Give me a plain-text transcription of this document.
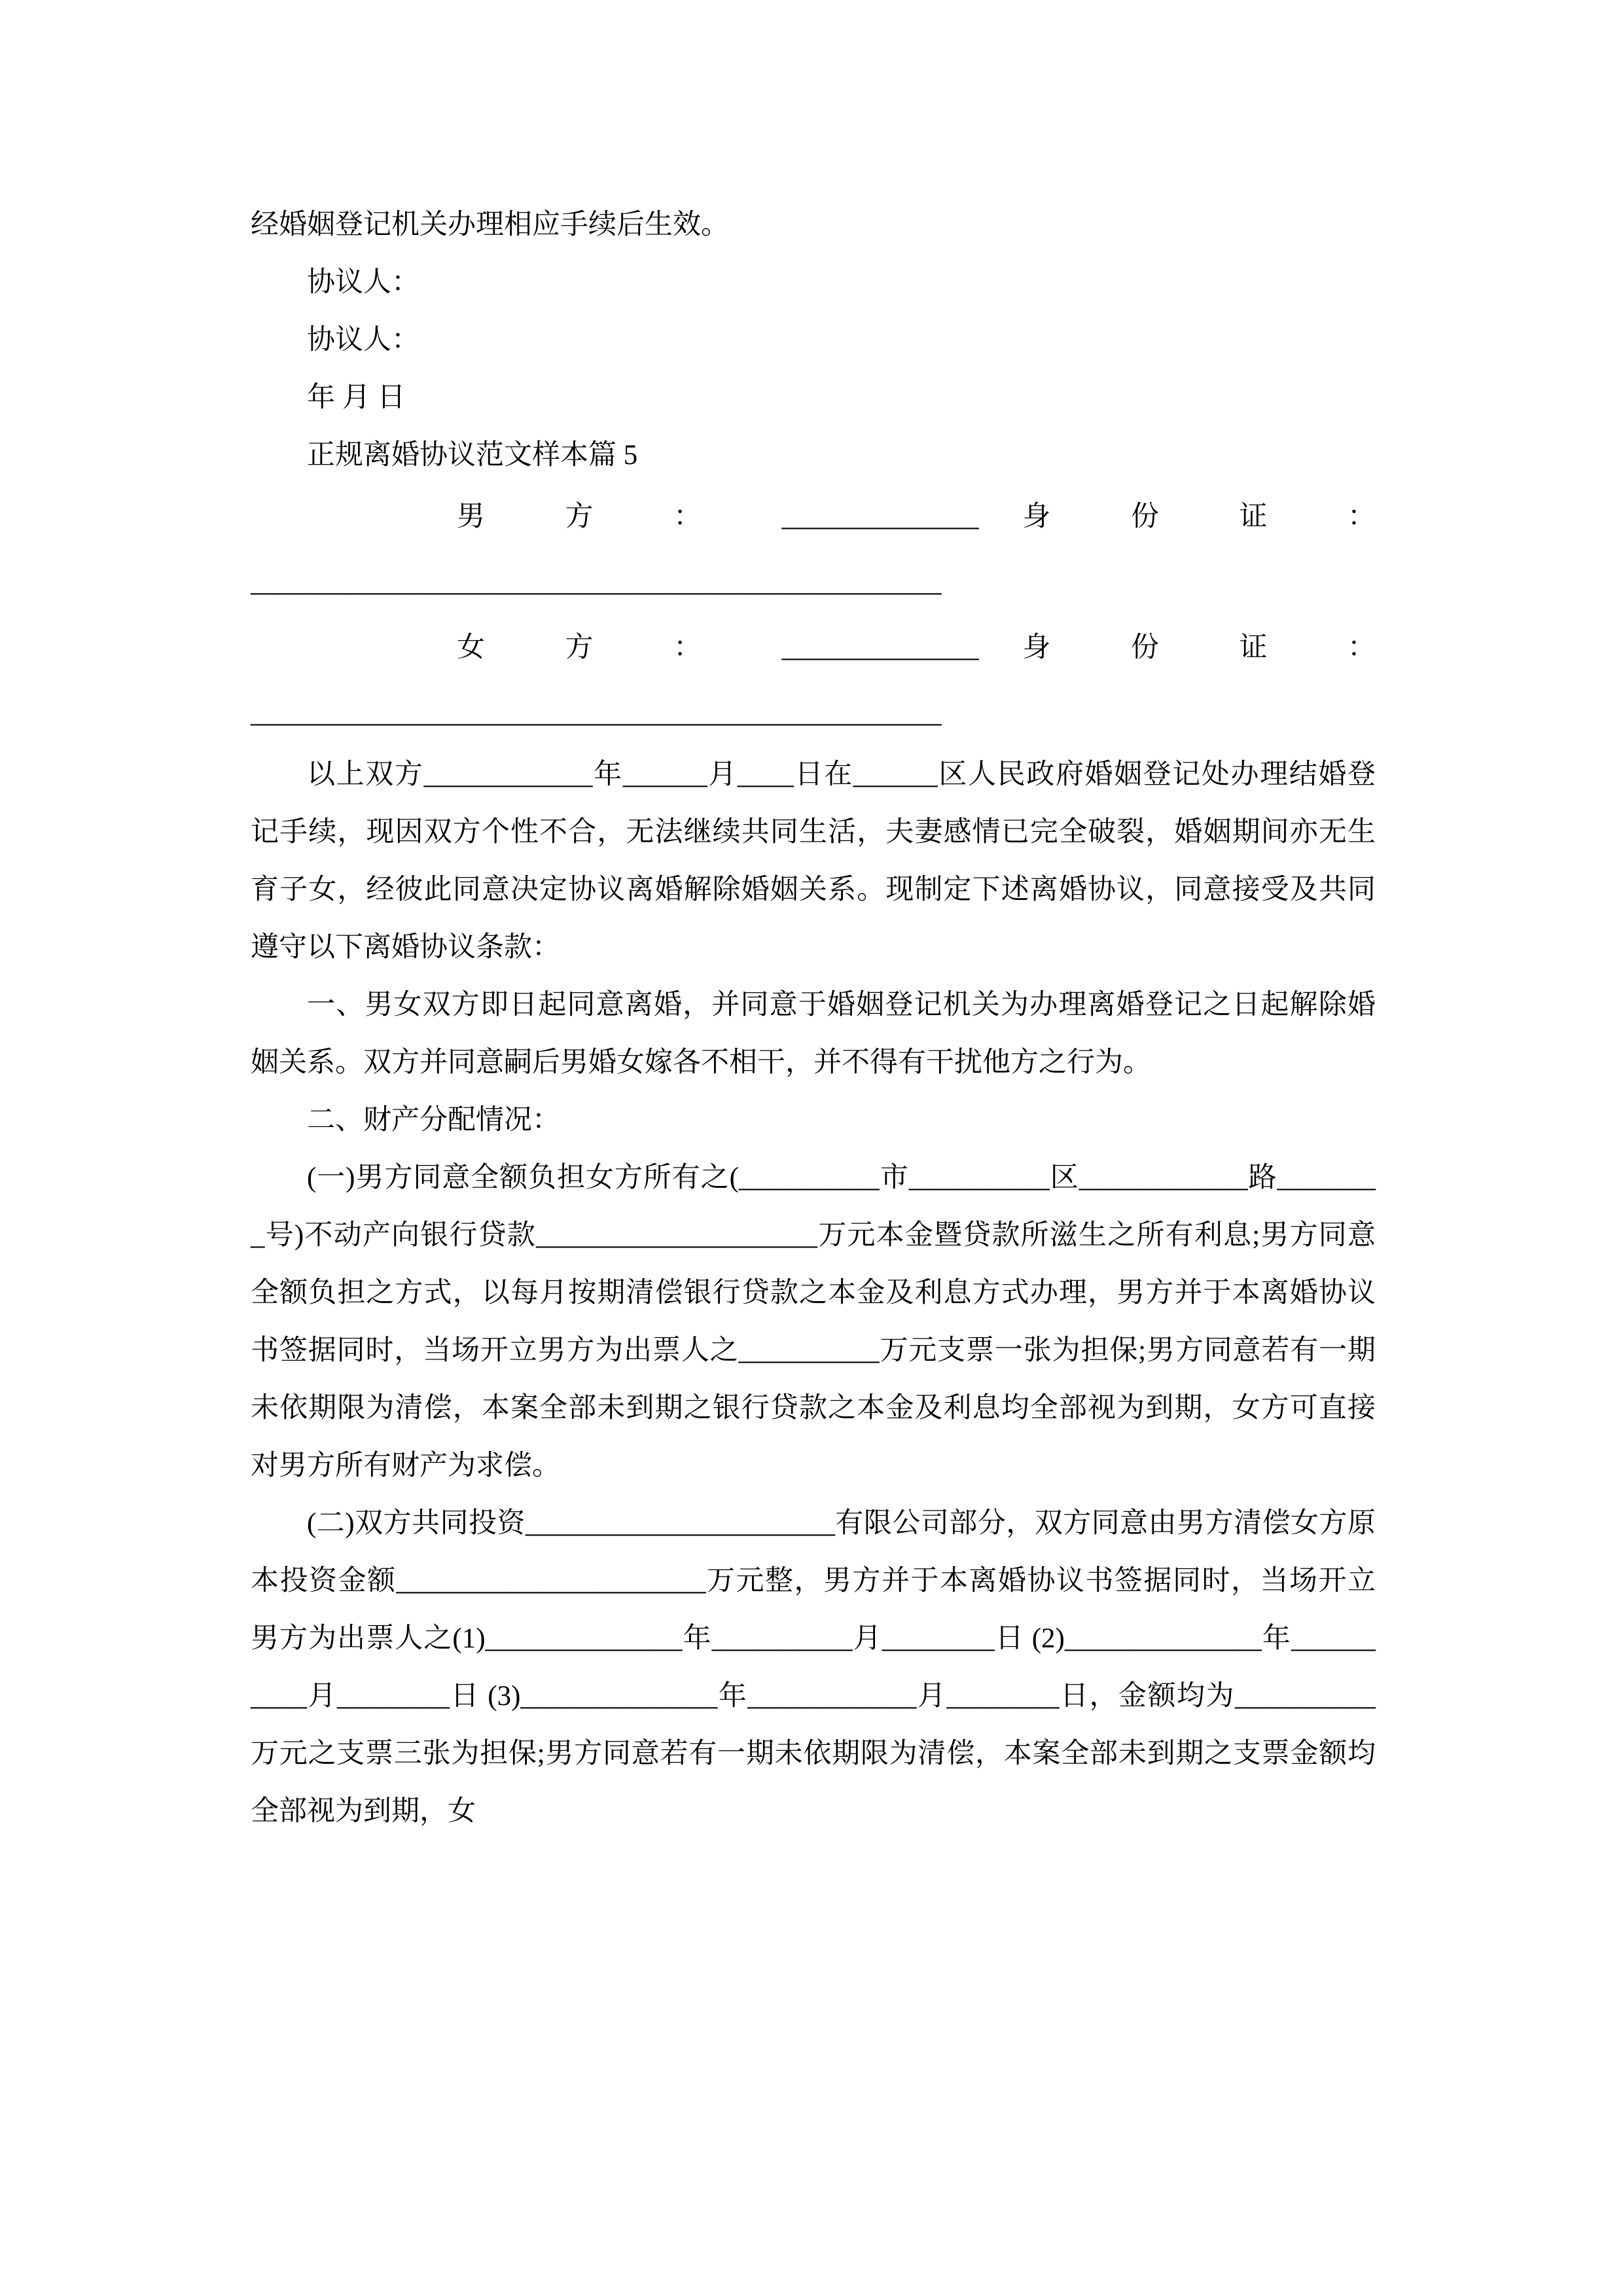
经婚姻登记机关办理相应手续后生效。

协议人：

协议人：

年 月 日

正规离婚协议范文样本篇 5

男 方 ： ______________ 身 份 证 ：

________________________________________________

女 方 ： ______________ 身 份 证 ：

________________________________________________

以上双方____________年______月____日在______区人民政府婚姻登记处办理结婚登记手续，现因双方个性不合，无法继续共同生活，夫妻感情已完全破裂，婚姻期间亦无生育子女，经彼此同意决定协议离婚解除婚姻关系。现制定下述离婚协议，同意接受及共同遵守以下离婚协议条款：

一、男女双方即日起同意离婚，并同意于婚姻登记机关为办理离婚登记之日起解除婚姻关系。双方并同意嗣后男婚女嫁各不相干，并不得有干扰他方之行为。

二、财产分配情况：

(一)男方同意全额负担女方所有之(__________市__________区____________路________号)不动产向银行贷款____________________万元本金暨贷款所滋生之所有利息;男方同意全额负担之方式，以每月按期清偿银行贷款之本金及利息方式办理，男方并于本离婚协议书签据同时，当场开立男方为出票人之__________万元支票一张为担保;男方同意若有一期未依期限为清偿，本案全部未到期之银行贷款之本金及利息均全部视为到期，女方可直接对男方所有财产为求偿。

(二)双方共同投资______________________有限公司部分，双方同意由男方清偿女方原本投资金额______________________万元整，男方并于本离婚协议书签据同时，当场开立男方为出票人之(1)______________年__________月________日 (2)______________年__________月________日 (3)______________年____________月________日，金额均为__________万元之支票三张为担保;男方同意若有一期未依期限为清偿，本案全部未到期之支票金额均全部视为到期，女
